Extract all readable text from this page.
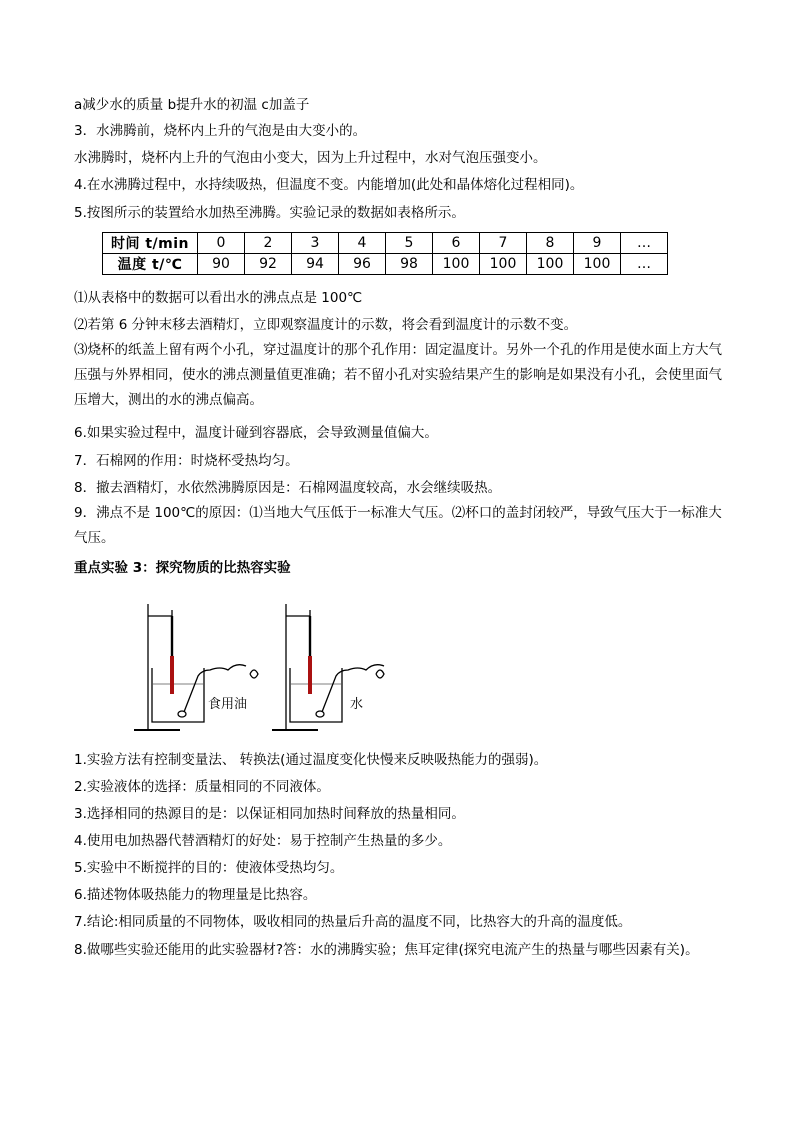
a减少水的质量 b提升水的初温 c加盖子
3．水沸腾前，烧杯内上升的气泡是由大变小的。
水沸腾时，烧杯内上升的气泡由小变大，因为上升过程中，水对气泡压强变小。
4.在水沸腾过程中，水持续吸热，但温度不变。内能增加(此处和晶体熔化过程相同)。
5.按图所示的装置给水加热至沸腾。实验记录的数据如表格所示。
时间 t/min	0	2	3	4	5	6	7	8	9	…
温度 t/℃	90	92	94	96	98	100	100	100	100	…
⑴从表格中的数据可以看出水的沸点点是 100℃
⑵若第 6 分钟末移去酒精灯，立即观察温度计的示数，将会看到温度计的示数不变。
⑶烧杯的纸盖上留有两个小孔，穿过温度计的那个孔作用：固定温度计。另外一个孔的作用是使水面上方大气压强与外界相同，使水的沸点测量值更准确；若不留小孔对实验结果产生的影响是如果没有小孔，会使里面气压增大，测出的水的沸点偏高。
6.如果实验过程中，温度计碰到容器底，会导致测量值偏大。
7．石棉网的作用：时烧杯受热均匀。
8．撤去酒精灯，水依然沸腾原因是：石棉网温度较高，水会继续吸热。
9．沸点不是 100℃的原因：⑴当地大气压低于一标准大气压。⑵杯口的盖封闭较严，导致气压大于一标准大气压。
重点实验 3：探究物质的比热容实验
食用油	水
1.实验方法有控制变量法、 转换法(通过温度变化快慢来反映吸热能力的强弱)。
2.实验液体的选择：质量相同的不同液体。
3.选择相同的热源目的是：以保证相同加热时间释放的热量相同。
4.使用电加热器代替酒精灯的好处：易于控制产生热量的多少。
5.实验中不断搅拌的目的：使液体受热均匀。
6.描述物体吸热能力的物理量是比热容。
7.结论:相同质量的不同物体，吸收相同的热量后升高的温度不同，比热容大的升高的温度低。
8.做哪些实验还能用的此实验器材?答：水的沸腾实验；焦耳定律(探究电流产生的热量与哪些因素有关)。
